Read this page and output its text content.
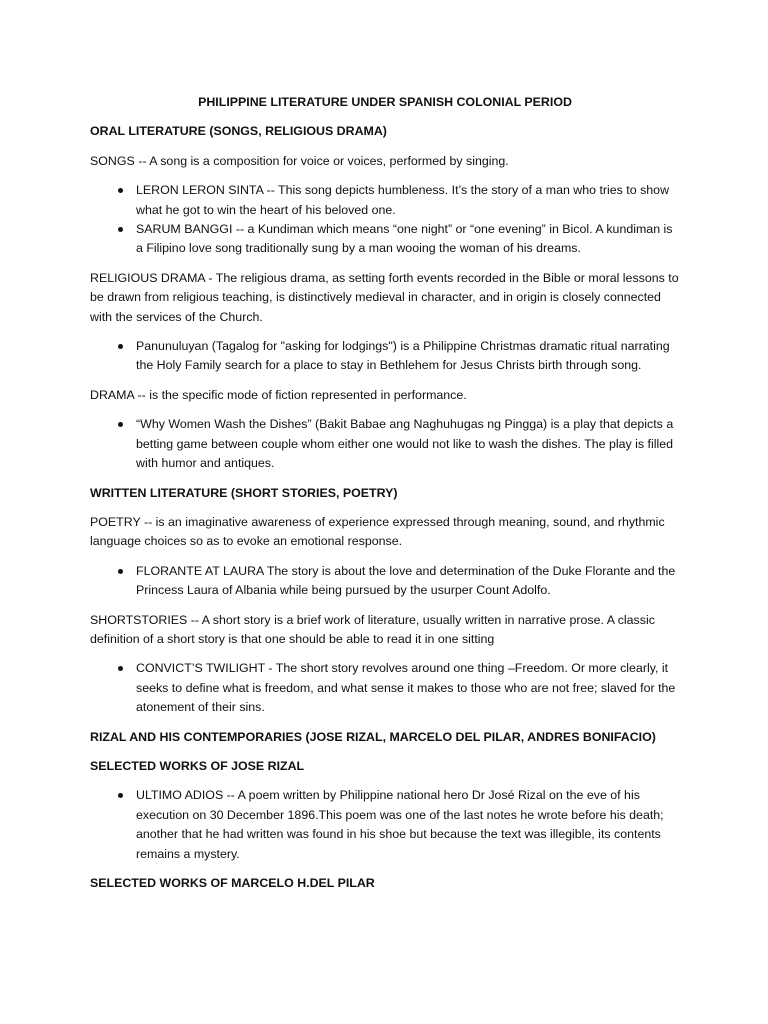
PHILIPPINE LITERATURE UNDER SPANISH COLONIAL PERIOD

ORAL LITERATURE (SONGS, RELIGIOUS DRAMA)

SONGS -- A song is a composition for voice or voices, performed by singing.

LERON LERON SINTA -- This song depicts humbleness. It’s the story of a man who tries to show what he got to win the heart of his beloved one.
SARUM BANGGI -- a Kundiman which means “one night” or “one evening” in Bicol. A kundiman is a Filipino love song traditionally sung by a man wooing the woman of his dreams.

RELIGIOUS DRAMA - The religious drama, as setting forth events recorded in the Bible or moral lessons to be drawn from religious teaching, is distinctively medieval in character, and in origin is closely connected with the services of the Church.

Panunuluyan (Tagalog for "asking for lodgings") is a Philippine Christmas dramatic ritual narrating the Holy Family search for a place to stay in Bethlehem for Jesus Christs birth through song.

DRAMA -- is the specific mode of fiction represented in performance.

“Why Women Wash the Dishes” (Bakit Babae ang Naghuhugas ng Pingga) is a play that depicts a betting game between couple whom either one would not like to wash the dishes. The play is filled with humor and antiques.

WRITTEN LITERATURE (SHORT STORIES, POETRY)

POETRY -- is an imaginative awareness of experience expressed through meaning, sound, and rhythmic language choices so as to evoke an emotional response.

FLORANTE AT LAURA The story is about the love and determination of the Duke Florante and the Princess Laura of Albania while being pursued by the usurper Count Adolfo.

SHORTSTORIES -- A short story is a brief work of literature, usually written in narrative prose. A classic definition of a short story is that one should be able to read it in one sitting

CONVICT’S TWILIGHT - The short story revolves around one thing –Freedom. Or more clearly, it seeks to define what is freedom, and what sense it makes to those who are not free; slaved for the atonement of their sins.

RIZAL AND HIS CONTEMPORARIES (JOSE RIZAL, MARCELO DEL PILAR, ANDRES BONIFACIO)

SELECTED WORKS OF JOSE RIZAL

ULTIMO ADIOS -- A poem written by Philippine national hero Dr José Rizal on the eve of his execution on 30 December 1896.This poem was one of the last notes he wrote before his death; another that he had written was found in his shoe but because the text was illegible, its contents remains a mystery.

SELECTED WORKS OF MARCELO H.DEL PILAR
